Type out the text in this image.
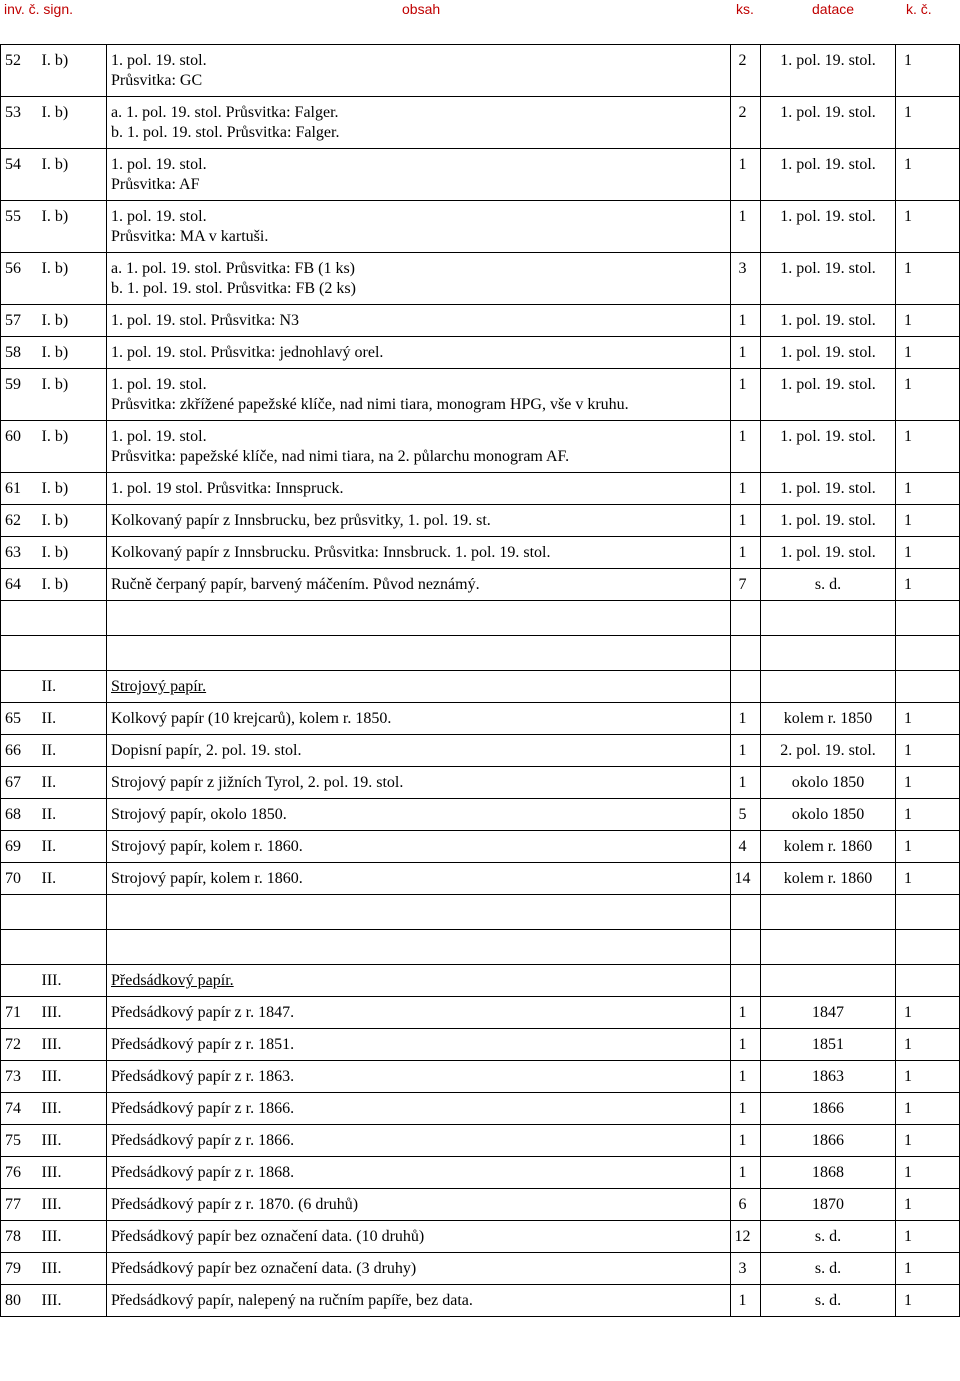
inv. č. sign.	obsah	ks.	datace	k. č.
52	I. b)	1. pol. 19. stol.
Průsvitka: GC	2	1. pol. 19. stol.	1
53	I. b)	a. 1. pol. 19. stol. Průsvitka: Falger.
b. 1. pol. 19. stol. Průsvitka: Falger.	2	1. pol. 19. stol.	1
54	I. b)	1. pol. 19. stol.
Průsvitka: AF	1	1. pol. 19. stol.	1
55	I. b)	1. pol. 19. stol.
Průsvitka: MA v kartuši.	1	1. pol. 19. stol.	1
56	I. b)	a. 1. pol. 19. stol. Průsvitka: FB (1 ks)
b. 1. pol. 19. stol. Průsvitka: FB (2 ks)	3	1. pol. 19. stol.	1
57	I. b)	1. pol. 19. stol. Průsvitka: N3	1	1. pol. 19. stol.	1
58	I. b)	1. pol. 19. stol. Průsvitka: jednohlavý orel.	1	1. pol. 19. stol.	1
59	I. b)	1. pol. 19. stol.
Průsvitka: zkřížené papežské klíče, nad nimi tiara, monogram HPG, vše v kruhu.	1	1. pol. 19. stol.	1
60	I. b)	1. pol. 19. stol.
Průsvitka: papežské klíče, nad nimi tiara, na 2. půlarchu monogram AF.	1	1. pol. 19. stol.	1
61	I. b)	1. pol. 19 stol. Průsvitka: Innspruck.	1	1. pol. 19. stol.	1
62	I. b)	Kolkovaný papír z Innsbrucku, bez průsvitky, 1. pol. 19. st.	1	1. pol. 19. stol.	1
63	I. b)	Kolkovaný papír z Innsbrucku. Průsvitka: Innsbruck. 1. pol. 19. stol.	1	1. pol. 19. stol.	1
64	I. b)	Ručně čerpaný papír, barvený máčením. Původ neznámý.	7	s. d.	1

	II.	Strojový papír.			
65	II.	Kolkový papír (10 krejcarů), kolem r. 1850.	1	kolem r. 1850	1
66	II.	Dopisní papír, 2. pol. 19. stol.	1	2. pol. 19. stol.	1
67	II.	Strojový papír z jižních Tyrol, 2. pol. 19. stol.	1	okolo 1850	1
68	II.	Strojový papír, okolo 1850.	5	okolo 1850	1
69	II.	Strojový papír, kolem r. 1860.	4	kolem r. 1860	1
70	II.	Strojový papír, kolem r. 1860.	14	kolem r. 1860	1

	III.	Předsádkový papír.			
71	III.	Předsádkový papír z r. 1847.	1	1847	1
72	III.	Předsádkový papír z r. 1851.	1	1851	1
73	III.	Předsádkový papír z r. 1863.	1	1863	1
74	III.	Předsádkový papír z r. 1866.	1	1866	1
75	III.	Předsádkový papír z r. 1866.	1	1866	1
76	III.	Předsádkový papír z r. 1868.	1	1868	1
77	III.	Předsádkový papír z r. 1870. (6 druhů)	6	1870	1
78	III.	Předsádkový papír bez označení data. (10 druhů)	12	s. d.	1
79	III.	Předsádkový papír bez označení data. (3 druhy)	3	s. d.	1
80	III.	Předsádkový papír, nalepený na ručním papíře, bez data.	1	s. d.	1
